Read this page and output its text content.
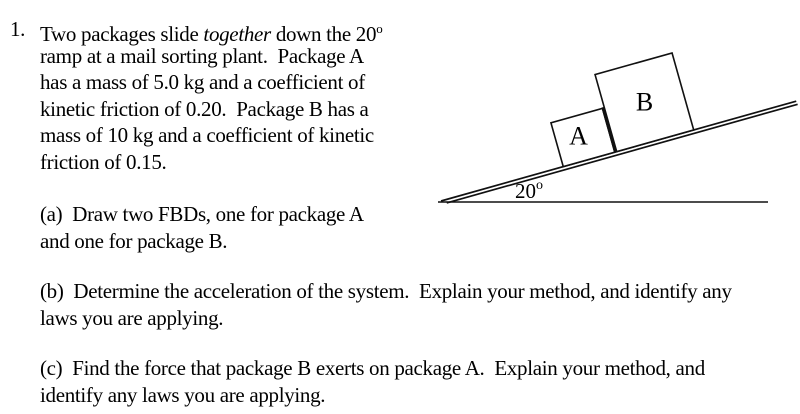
1. Two packages slide together down the 20$^o$
ramp at a mail sorting plant.  Package A
has a mass of 5.0 kg and a coefficient of
kinetic friction of 0.20.  Package B has a
mass of 10 kg and a coefficient of kinetic
friction of 0.15.
(a)  Draw two FBDs, one for package A
and one for package B.
(b)  Determine the acceleration of the system.  Explain your method, and identify any
laws you are applying.
(c)  Find the force that package B exerts on package A.  Explain your method, and
identify any laws you are applying.
A
B
20$^o$
